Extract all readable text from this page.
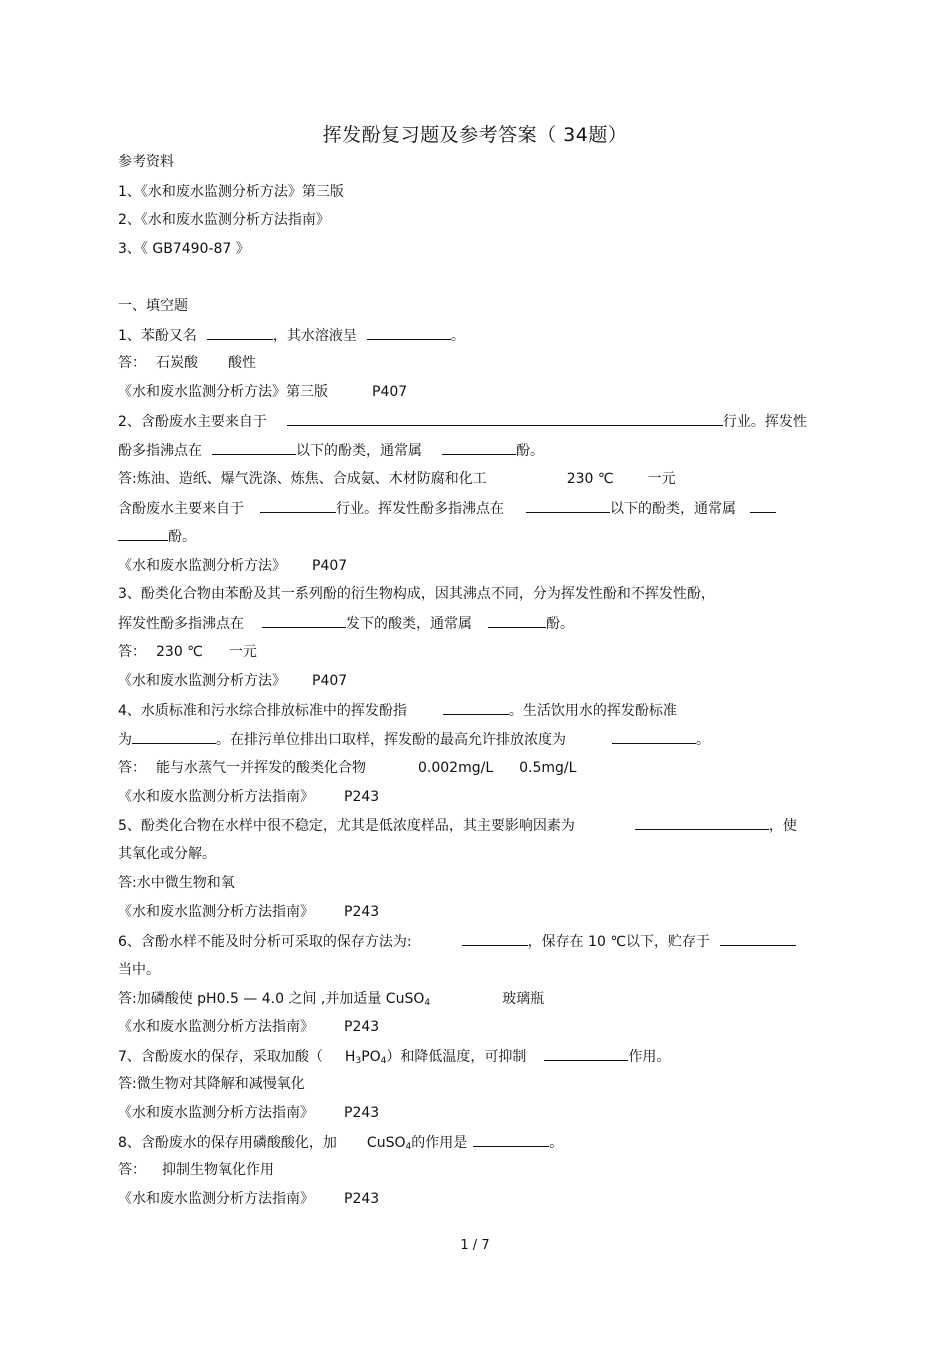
挥发酚复习题及参考答案（ 34题）
参考资料
1、《水和废水监测分析方法》第三版
2、《水和废水监测分析方法指南》
3、《 GB7490-87 》
一、填空题
1、苯酚又名	，其水溶液呈	。
答： 石炭酸 酸性
《水和废水监测分析方法》第三版	P407
2、含酚废水主要来自于	行业。挥发性
酚多指沸点在	以下的酚类，通常属	酚。
答:炼油、造纸、爆气洗涤、炼焦、合成氨、木材防腐和化工	230 ℃ 一元
含酚废水主要来自于	行业。挥发性酚多指沸点在	以下的酚类，通常属
酚。
《水和废水监测分析方法》 P407
3、酚类化合物由苯酚及其一系列酚的衍生物构成，因其沸点不同，分为挥发性酚和不挥发性酚，
挥发性酚多指沸点在	发下的酸类，通常属	酚。
答： 230 ℃ 一元
《水和废水监测分析方法》 P407
4、水质标准和污水综合排放标准中的挥发酚指	。生活饮用水的挥发酚标准
为	。在排污单位排出口取样，挥发酚的最高允许排放浓度为	。
答： 能与水蒸气一并挥发的酸类化合物	0.002mg/L 0.5mg/L
《水和废水监测分析方法指南》 P243
5、酚类化合物在水样中很不稳定，尤其是低浓度样品，其主要影响因素为	，使
其氧化或分解。
答:水中微生物和氧
《水和废水监测分析方法指南》 P243
6、含酚水样不能及时分析可采取的保存方法为:	，保存在 10 ℃以下，贮存于
当中。
答:加磷酸使 pH0.5 — 4.0 之间 ,并加适量 CuSO$_4$	玻璃瓶
《水和废水监测分析方法指南》 P243
7、含酚废水的保存，采取加酸（ $H_3PO_4$）和降低温度，可抑制	作用。
答:微生物对其降解和减慢氧化
《水和废水监测分析方法指南》 P243
8、含酚废水的保存用磷酸酸化，加 CuSO$_4$的作用是	。
答： 抑制生物氧化作用
《水和废水监测分析方法指南》 P243
1 / 7
